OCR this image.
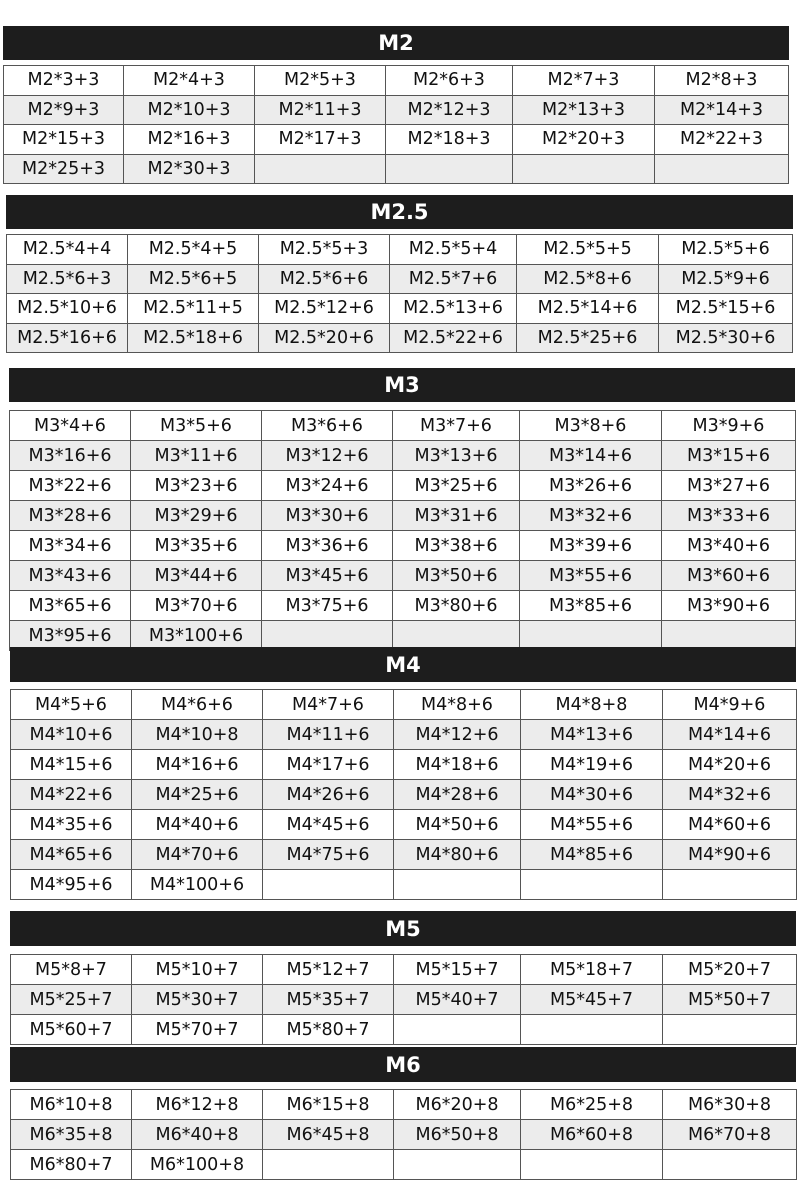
M2
M2*3+3	M2*4+3	M2*5+3	M2*6+3	M2*7+3	M2*8+3
M2*9+3	M2*10+3	M2*11+3	M2*12+3	M2*13+3	M2*14+3
M2*15+3	M2*16+3	M2*17+3	M2*18+3	M2*20+3	M2*22+3
M2*25+3	M2*30+3				
M2.5
M2.5*4+4	M2.5*4+5	M2.5*5+3	M2.5*5+4	M2.5*5+5	M2.5*5+6
M2.5*6+3	M2.5*6+5	M2.5*6+6	M2.5*7+6	M2.5*8+6	M2.5*9+6
M2.5*10+6	M2.5*11+5	M2.5*12+6	M2.5*13+6	M2.5*14+6	M2.5*15+6
M2.5*16+6	M2.5*18+6	M2.5*20+6	M2.5*22+6	M2.5*25+6	M2.5*30+6
M3
M3*4+6	M3*5+6	M3*6+6	M3*7+6	M3*8+6	M3*9+6
M3*16+6	M3*11+6	M3*12+6	M3*13+6	M3*14+6	M3*15+6
M3*22+6	M3*23+6	M3*24+6	M3*25+6	M3*26+6	M3*27+6
M3*28+6	M3*29+6	M3*30+6	M3*31+6	M3*32+6	M3*33+6
M3*34+6	M3*35+6	M3*36+6	M3*38+6	M3*39+6	M3*40+6
M3*43+6	M3*44+6	M3*45+6	M3*50+6	M3*55+6	M3*60+6
M3*65+6	M3*70+6	M3*75+6	M3*80+6	M3*85+6	M3*90+6
M3*95+6	M3*100+6				
M4
M4*5+6	M4*6+6	M4*7+6	M4*8+6	M4*8+8	M4*9+6
M4*10+6	M4*10+8	M4*11+6	M4*12+6	M4*13+6	M4*14+6
M4*15+6	M4*16+6	M4*17+6	M4*18+6	M4*19+6	M4*20+6
M4*22+6	M4*25+6	M4*26+6	M4*28+6	M4*30+6	M4*32+6
M4*35+6	M4*40+6	M4*45+6	M4*50+6	M4*55+6	M4*60+6
M4*65+6	M4*70+6	M4*75+6	M4*80+6	M4*85+6	M4*90+6
M4*95+6	M4*100+6				
M5
M5*8+7	M5*10+7	M5*12+7	M5*15+7	M5*18+7	M5*20+7
M5*25+7	M5*30+7	M5*35+7	M5*40+7	M5*45+7	M5*50+7
M5*60+7	M5*70+7	M5*80+7			
M6
M6*10+8	M6*12+8	M6*15+8	M6*20+8	M6*25+8	M6*30+8
M6*35+8	M6*40+8	M6*45+8	M6*50+8	M6*60+8	M6*70+8
M6*80+7	M6*100+8				
